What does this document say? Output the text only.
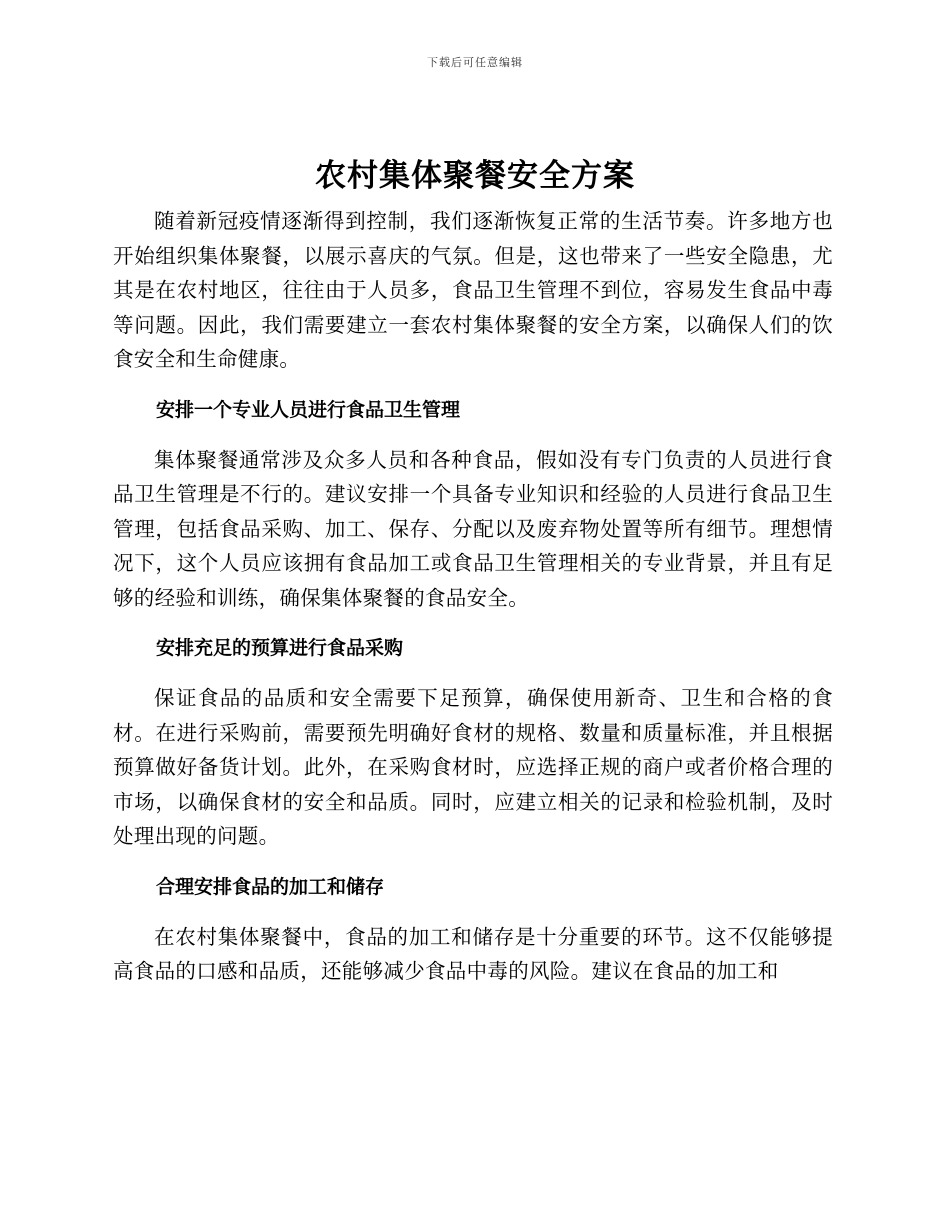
下载后可任意编辑
农村集体聚餐安全方案

随着新冠疫情逐渐得到控制，我们逐渐恢复正常的生活节奏。许多地方也开始组织集体聚餐，以展示喜庆的气氛。但是，这也带来了一些安全隐患，尤其是在农村地区，往往由于人员多，食品卫生管理不到位，容易发生食品中毒等问题。因此，我们需要建立一套农村集体聚餐的安全方案，以确保人们的饮食安全和生命健康。

安排一个专业人员进行食品卫生管理

集体聚餐通常涉及众多人员和各种食品，假如没有专门负责的人员进行食品卫生管理是不行的。建议安排一个具备专业知识和经验的人员进行食品卫生管理，包括食品采购、加工、保存、分配以及废弃物处置等所有细节。理想情况下，这个人员应该拥有食品加工或食品卫生管理相关的专业背景，并且有足够的经验和训练，确保集体聚餐的食品安全。

安排充足的预算进行食品采购

保证食品的品质和安全需要下足预算，确保使用新奇、卫生和合格的食材。在进行采购前，需要预先明确好食材的规格、数量和质量标准，并且根据预算做好备货计划。此外，在采购食材时，应选择正规的商户或者价格合理的市场，以确保食材的安全和品质。同时，应建立相关的记录和检验机制，及时处理出现的问题。

合理安排食品的加工和储存

在农村集体聚餐中，食品的加工和储存是十分重要的环节。这不仅能够提高食品的口感和品质，还能够减少食品中毒的风险。建议在食品的加工和
